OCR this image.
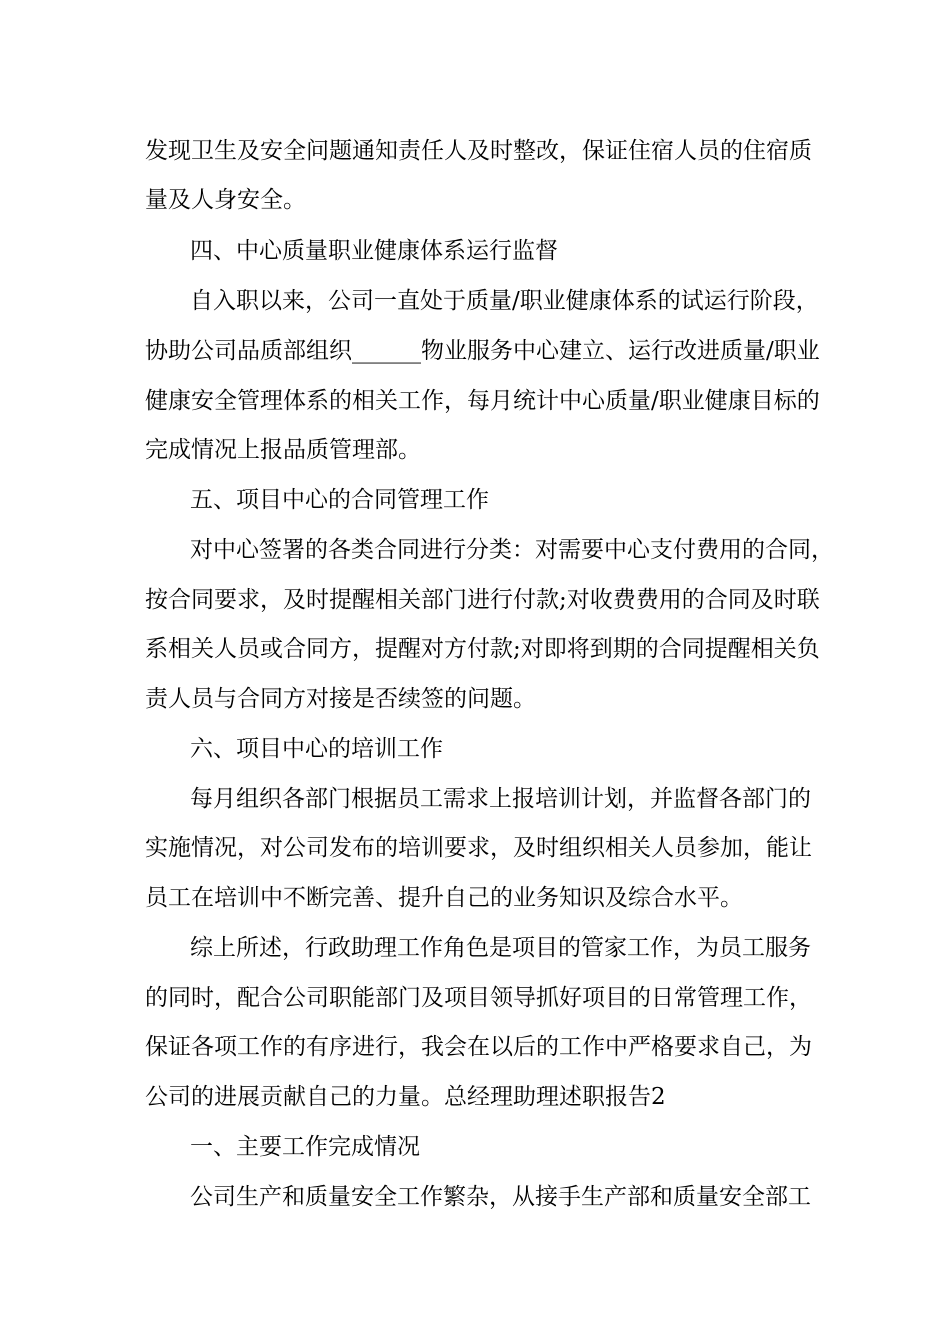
发现卫生及安全问题通知责任人及时整改，保证住宿人员的住宿质
量及人身安全。
四、中心质量职业健康体系运行监督
自入职以来，公司一直处于质量/职业健康体系的试运行阶段，
协助公司品质部组织______物业服务中心建立、运行改进质量/职业
健康安全管理体系的相关工作，每月统计中心质量/职业健康目标的
完成情况上报品质管理部。
五、项目中心的合同管理工作
对中心签署的各类合同进行分类：对需要中心支付费用的合同，
按合同要求，及时提醒相关部门进行付款;对收费费用的合同及时联
系相关人员或合同方，提醒对方付款;对即将到期的合同提醒相关负
责人员与合同方对接是否续签的问题。
六、项目中心的培训工作
每月组织各部门根据员工需求上报培训计划，并监督各部门的
实施情况，对公司发布的培训要求，及时组织相关人员参加，能让
员工在培训中不断完善、提升自己的业务知识及综合水平。
综上所述，行政助理工作角色是项目的管家工作，为员工服务
的同时，配合公司职能部门及项目领导抓好项目的日常管理工作，
保证各项工作的有序进行，我会在以后的工作中严格要求自己，为
公司的进展贡献自己的力量。总经理助理述职报告2
一、主要工作完成情况
公司生产和质量安全工作繁杂，从接手生产部和质量安全部工
